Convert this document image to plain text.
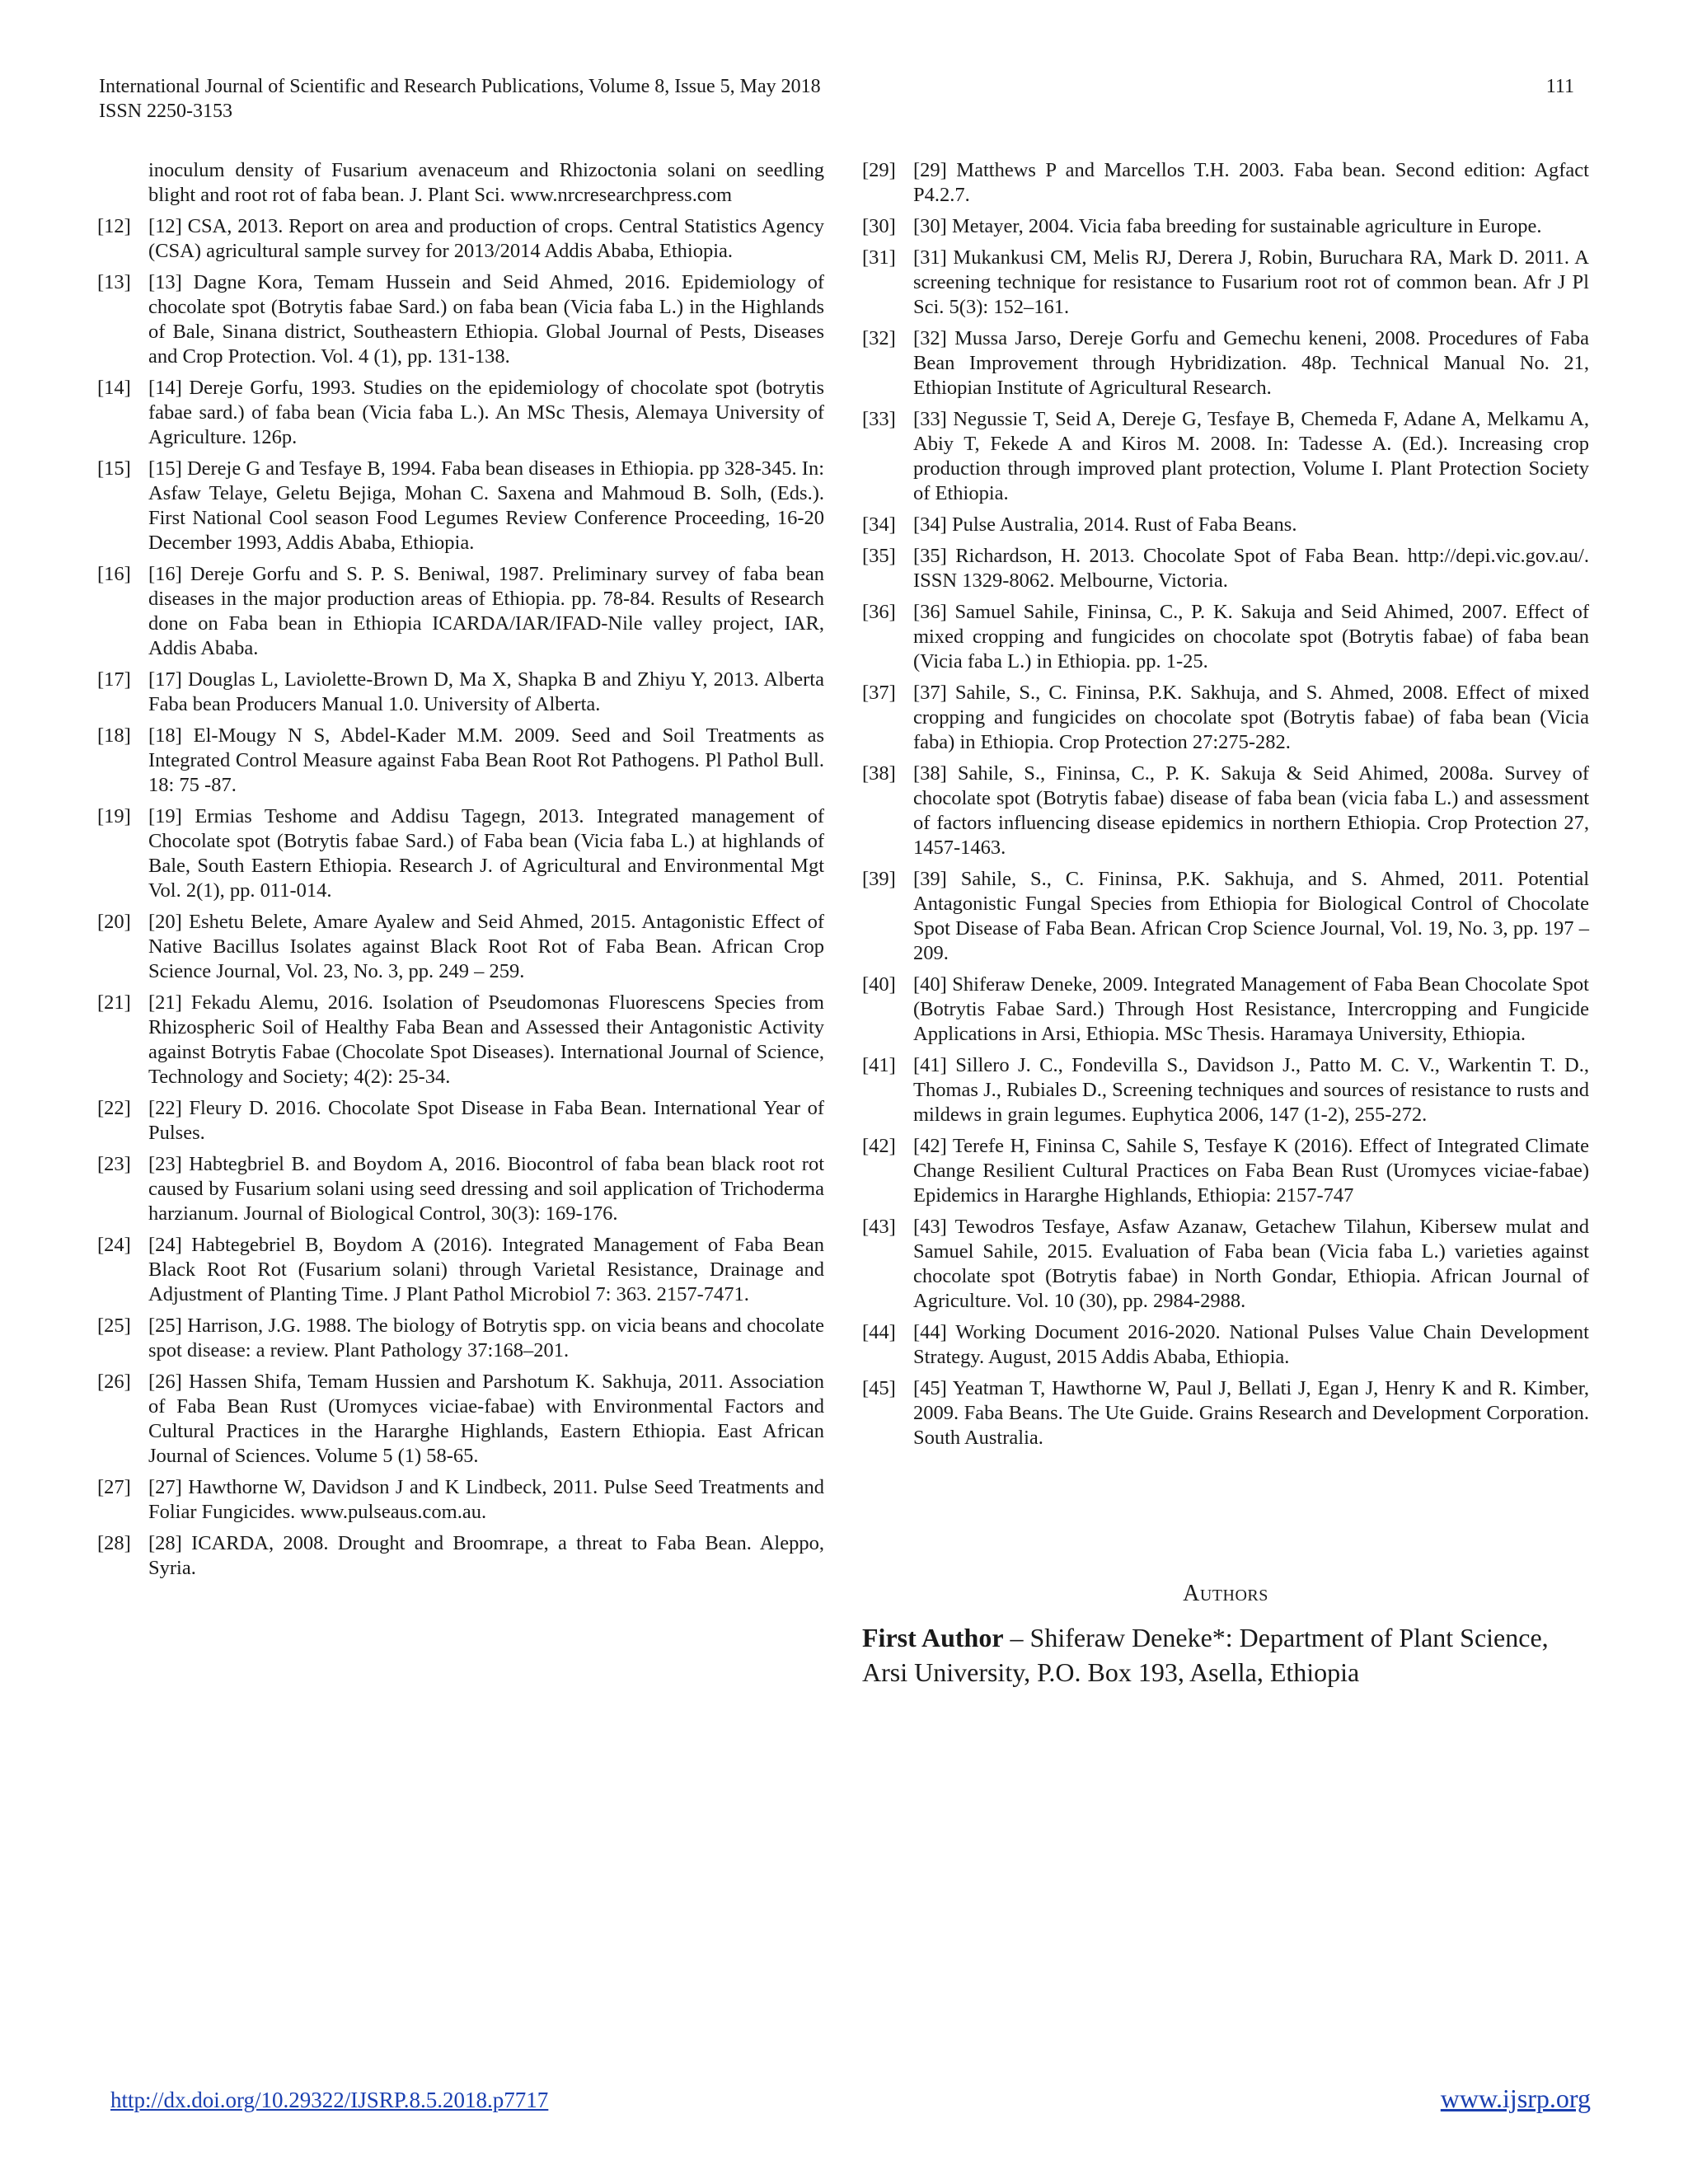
International Journal of Scientific and Research Publications, Volume 8, Issue 5, May 2018
ISSN 2250-3153
111
inoculum density of Fusarium avenaceum and Rhizoctonia solani on seedling blight and root rot of faba bean. J. Plant Sci. www.nrcresearchpress.com
[12] [12] CSA, 2013. Report on area and production of crops. Central Statistics Agency (CSA) agricultural sample survey for 2013/2014 Addis Ababa, Ethiopia.
[13] [13] Dagne Kora, Temam Hussein and Seid Ahmed, 2016. Epidemiology of chocolate spot (Botrytis fabae Sard.) on faba bean (Vicia faba L.) in the Highlands of Bale, Sinana district, Southeastern Ethiopia. Global Journal of Pests, Diseases and Crop Protection. Vol. 4 (1), pp. 131-138.
[14] [14] Dereje Gorfu, 1993. Studies on the epidemiology of chocolate spot (botrytis fabae sard.) of faba bean (Vicia faba L.). An MSc Thesis, Alemaya University of Agriculture. 126p.
[15] [15] Dereje G and Tesfaye B, 1994. Faba bean diseases in Ethiopia. pp 328-345. In: Asfaw Telaye, Geletu Bejiga, Mohan C. Saxena and Mahmoud B. Solh, (Eds.). First National Cool season Food Legumes Review Conference Proceeding, 16-20 December 1993, Addis Ababa, Ethiopia.
[16] [16] Dereje Gorfu and S. P. S. Beniwal, 1987. Preliminary survey of faba bean diseases in the major production areas of Ethiopia. pp. 78-84. Results of Research done on Faba bean in Ethiopia ICARDA/IAR/IFAD-Nile valley project, IAR, Addis Ababa.
[17] [17] Douglas L, Laviolette-Brown D, Ma X, Shapka B and Zhiyu Y, 2013. Alberta Faba bean Producers Manual 1.0. University of Alberta.
[18] [18] El-Mougy N S, Abdel-Kader M.M. 2009. Seed and Soil Treatments as Integrated Control Measure against Faba Bean Root Rot Pathogens. Pl Pathol Bull. 18: 75 -87.
[19] [19] Ermias Teshome and Addisu Tagegn, 2013. Integrated management of Chocolate spot (Botrytis fabae Sard.) of Faba bean (Vicia faba L.) at highlands of Bale, South Eastern Ethiopia. Research J. of Agricultural and Environmental Mgt Vol. 2(1), pp. 011-014.
[20] [20] Eshetu Belete, Amare Ayalew and Seid Ahmed, 2015. Antagonistic Effect of Native Bacillus Isolates against Black Root Rot of Faba Bean. African Crop Science Journal, Vol. 23, No. 3, pp. 249 – 259.
[21] [21] Fekadu Alemu, 2016. Isolation of Pseudomonas Fluorescens Species from Rhizospheric Soil of Healthy Faba Bean and Assessed their Antagonistic Activity against Botrytis Fabae (Chocolate Spot Diseases). International Journal of Science, Technology and Society; 4(2): 25-34.
[22] [22] Fleury D. 2016. Chocolate Spot Disease in Faba Bean. International Year of Pulses.
[23] [23] Habtegbriel B. and Boydom A, 2016. Biocontrol of faba bean black root rot caused by Fusarium solani using seed dressing and soil application of Trichoderma harzianum. Journal of Biological Control, 30(3): 169-176.
[24] [24] Habtegebriel B, Boydom A (2016). Integrated Management of Faba Bean Black Root Rot (Fusarium solani) through Varietal Resistance, Drainage and Adjustment of Planting Time. J Plant Pathol Microbiol 7: 363. 2157-7471.
[25] [25] Harrison, J.G. 1988. The biology of Botrytis spp. on vicia beans and chocolate spot disease: a review. Plant Pathology 37:168–201.
[26] [26] Hassen Shifa, Temam Hussien and Parshotum K. Sakhuja, 2011. Association of Faba Bean Rust (Uromyces viciae-fabae) with Environmental Factors and Cultural Practices in the Hararghe Highlands, Eastern Ethiopia. East African Journal of Sciences. Volume 5 (1) 58-65.
[27] [27] Hawthorne W, Davidson J and K Lindbeck, 2011. Pulse Seed Treatments and Foliar Fungicides. www.pulseaus.com.au.
[28] [28] ICARDA, 2008. Drought and Broomrape, a threat to Faba Bean. Aleppo, Syria.
[29] [29] Matthews P and Marcellos T.H. 2003. Faba bean. Second edition: Agfact P4.2.7.
[30] [30] Metayer, 2004. Vicia faba breeding for sustainable agriculture in Europe.
[31] [31] Mukankusi CM, Melis RJ, Derera J, Robin, Buruchara RA, Mark D. 2011. A screening technique for resistance to Fusarium root rot of common bean. Afr J Pl Sci. 5(3): 152–161.
[32] [32] Mussa Jarso, Dereje Gorfu and Gemechu keneni, 2008. Procedures of Faba Bean Improvement through Hybridization. 48p. Technical Manual No. 21, Ethiopian Institute of Agricultural Research.
[33] [33] Negussie T, Seid A, Dereje G, Tesfaye B, Chemeda F, Adane A, Melkamu A, Abiy T, Fekede A and Kiros M. 2008. In: Tadesse A. (Ed.). Increasing crop production through improved plant protection, Volume I. Plant Protection Society of Ethiopia.
[34] [34] Pulse Australia, 2014. Rust of Faba Beans.
[35] [35] Richardson, H. 2013. Chocolate Spot of Faba Bean. http://depi.vic.gov.au/. ISSN 1329-8062. Melbourne, Victoria.
[36] [36] Samuel Sahile, Fininsa, C., P. K. Sakuja and Seid Ahimed, 2007. Effect of mixed cropping and fungicides on chocolate spot (Botrytis fabae) of faba bean (Vicia faba L.) in Ethiopia. pp. 1-25.
[37] [37] Sahile, S., C. Fininsa, P.K. Sakhuja, and S. Ahmed, 2008. Effect of mixed cropping and fungicides on chocolate spot (Botrytis fabae) of faba bean (Vicia faba) in Ethiopia. Crop Protection 27:275-282.
[38] [38] Sahile, S., Fininsa, C., P. K. Sakuja & Seid Ahimed, 2008a. Survey of chocolate spot (Botrytis fabae) disease of faba bean (vicia faba L.) and assessment of factors influencing disease epidemics in northern Ethiopia. Crop Protection 27, 1457-1463.
[39] [39] Sahile, S., C. Fininsa, P.K. Sakhuja, and S. Ahmed, 2011. Potential Antagonistic Fungal Species from Ethiopia for Biological Control of Chocolate Spot Disease of Faba Bean. African Crop Science Journal, Vol. 19, No. 3, pp. 197 – 209.
[40] [40] Shiferaw Deneke, 2009. Integrated Management of Faba Bean Chocolate Spot (Botrytis Fabae Sard.) Through Host Resistance, Intercropping and Fungicide Applications in Arsi, Ethiopia. MSc Thesis. Haramaya University, Ethiopia.
[41] [41] Sillero J. C., Fondevilla S., Davidson J., Patto M. C. V., Warkentin T. D., Thomas J., Rubiales D., Screening techniques and sources of resistance to rusts and mildews in grain legumes. Euphytica 2006, 147 (1-2), 255-272.
[42] [42] Terefe H, Fininsa C, Sahile S, Tesfaye K (2016). Effect of Integrated Climate Change Resilient Cultural Practices on Faba Bean Rust (Uromyces viciae-fabae) Epidemics in Hararghe Highlands, Ethiopia: 2157-747
[43] [43] Tewodros Tesfaye, Asfaw Azanaw, Getachew Tilahun, Kibersew mulat and Samuel Sahile, 2015. Evaluation of Faba bean (Vicia faba L.) varieties against chocolate spot (Botrytis fabae) in North Gondar, Ethiopia. African Journal of Agriculture. Vol. 10 (30), pp. 2984-2988.
[44] [44] Working Document 2016-2020. National Pulses Value Chain Development Strategy. August, 2015 Addis Ababa, Ethiopia.
[45] [45] Yeatman T, Hawthorne W, Paul J, Bellati J, Egan J, Henry K and R. Kimber, 2009. Faba Beans. The Ute Guide. Grains Research and Development Corporation. South Australia.
Authors
First Author – Shiferaw Deneke*: Department of Plant Science, Arsi University, P.O. Box 193, Asella, Ethiopia
http://dx.doi.org/10.29322/IJSRP.8.5.2018.p7717	www.ijsrp.org
